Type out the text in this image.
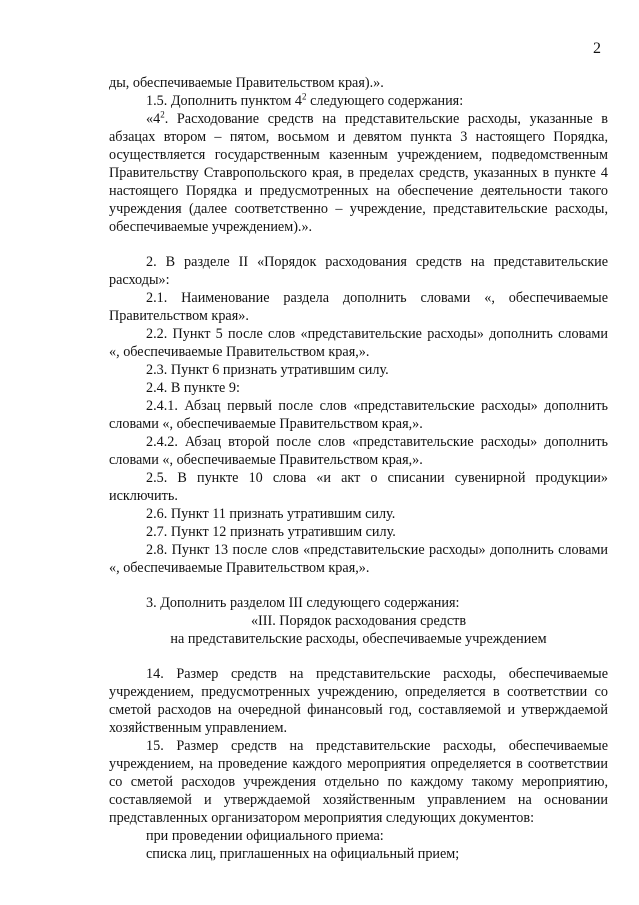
2

ды, обеспечиваемые Правительством края).».

1.5. Дополнить пунктом $4^2$ следующего содержания:

«$4^2$. Расходование средств на представительские расходы, указанные в абзацах втором – пятом, восьмом и девятом пункта 3 настоящего Порядка, осуществляется государственным казенным учреждением, подведомственным Правительству Ставропольского края, в пределах средств, указанных в пункте 4 настоящего Порядка и предусмотренных на обеспечение деятельности такого учреждения (далее соответственно – учреждение, представительские расходы, обеспечиваемые учреждением).».

2. В разделе II «Порядок расходования средств на представительские расходы»:

2.1. Наименование раздела дополнить словами «, обеспечиваемые Правительством края».

2.2. Пункт 5 после слов «представительские расходы» дополнить словами «, обеспечиваемые Правительством края,».

2.3. Пункт 6 признать утратившим силу.

2.4. В пункте 9:

2.4.1. Абзац первый после слов «представительские расходы» дополнить словами «, обеспечиваемые Правительством края,».

2.4.2. Абзац второй после слов «представительские расходы» дополнить словами «, обеспечиваемые Правительством края,».

2.5. В пункте 10 слова «и акт о списании сувенирной продукции» исключить.

2.6. Пункт 11 признать утратившим силу.

2.7. Пункт 12 признать утратившим силу.

2.8. Пункт 13 после слов «представительские расходы» дополнить словами «, обеспечиваемые Правительством края,».

3. Дополнить разделом III следующего содержания:

«III. Порядок расходования средств

на представительские расходы, обеспечиваемые учреждением

14. Размер средств на представительские расходы, обеспечиваемые учреждением, предусмотренных учреждению, определяется в соответствии со сметой расходов на очередной финансовый год, составляемой и утверждаемой хозяйственным управлением.

15. Размер средств на представительские расходы, обеспечиваемые учреждением, на проведение каждого мероприятия определяется в соответствии со сметой расходов учреждения отдельно по каждому такому мероприятию, составляемой и утверждаемой хозяйственным управлением на основании представленных организатором мероприятия следующих документов:

при проведении официального приема:

списка лиц, приглашенных на официальный прием;
